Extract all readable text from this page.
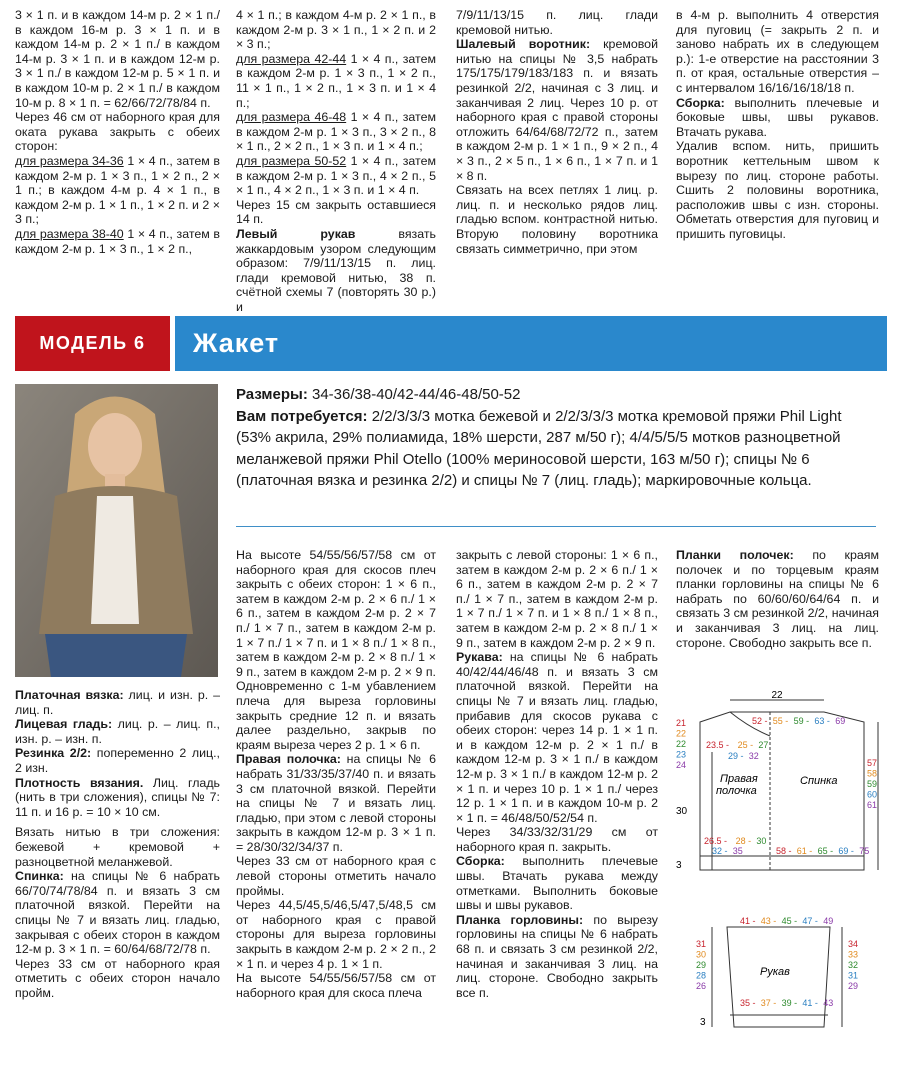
3 × 1 п. и в каждом 14-м р. 2 × 1 п./ в каждом 16-м р. 3 × 1 п. и в каждом 14-м р. 2 × 1 п./ в каждом 14-м р. 3 × 1 п. и в каждом 12-м р. 3 × 1 п./ в каждом 12-м р. 5 × 1 п. и в каждом 10-м р. 2 × 1 п./ в каждом 10-м р. 8 × 1 п. = 62/66/72/78/84 п.

Через 46 см от наборного края для оката рукава закрыть с обеих сторон:

для размера 34-36 1 × 4 п., затем в каждом 2-м р. 1 × 3 п., 1 × 2 п., 2 × 1 п.; в каждом 4-м р. 4 × 1 п., в каждом 2-м р. 1 × 1 п., 1 × 2 п. и 2 × 3 п.;

для размера 38-40 1 × 4 п., затем в каждом 2-м р. 1 × 3 п., 1 × 2 п.,

4 × 1 п.; в каждом 4-м р. 2 × 1 п., в каждом 2-м р. 3 × 1 п., 1 × 2 п. и 2 × 3 п.;

для размера 42-44 1 × 4 п., затем в каждом 2-м р. 1 × 3 п., 1 × 2 п., 11 × 1 п., 1 × 2 п., 1 × 3 п. и 1 × 4 п.;

для размера 46-48 1 × 4 п., затем в каждом 2-м р. 1 × 3 п., 3 × 2 п., 8 × 1 п., 2 × 2 п., 1 × 3 п. и 1 × 4 п.;

для размера 50-52 1 × 4 п., затем в каждом 2-м р. 1 × 3 п., 4 × 2 п., 5 × 1 п., 4 × 2 п., 1 × 3 п. и 1 × 4 п.

Через 15 см закрыть оставшиеся 14 п.

Левый рукав вязать жаккардовым узором следующим образом: 7/9/11/13/15 п. лиц. глади кремовой нитью, 38 п. счётной схемы 7 (повторять 30 р.) и

7/9/11/13/15 п. лиц. глади кремовой нитью.

Шалевый воротник: кремовой нитью на спицы № 3,5 набрать 175/175/179/183/183 п. и вязать резинкой 2/2, начиная с 3 лиц. и заканчивая 2 лиц. Через 10 р. от наборного края с правой стороны отложить 64/64/68/72/72 п., затем в каждом 2-м р. 1 × 1 п., 9 × 2 п., 4 × 3 п., 2 × 5 п., 1 × 6 п., 1 × 7 п. и 1 × 8 п.

Связать на всех петлях 1 лиц. р. лиц. п. и несколько рядов лиц. гладью вспом. контрастной нитью. Вторую половину воротника связать симметрично, при этом

в 4-м р. выполнить 4 отверстия для пуговиц (= закрыть 2 п. и заново набрать их в следующем р.): 1-е отверстие на расстоянии 3 п. от края, остальные отверстия – с интервалом 16/16/16/18/18 п.

Сборка: выполнить плечевые и боковые швы, швы рукавов. Втачать рукава.

Удалив вспом. нить, пришить воротник кеттельным швом к вырезу по лиц. стороне работы. Сшить 2 половины воротника, расположив швы с изн. стороны. Обметать отверстия для пуговиц и пришить пуговицы.

МОДЕЛЬ 6	Жакет

Размеры: 34-36/38-40/42-44/46-48/50-52

Вам потребуется: 2/2/3/3/3 мотка бежевой и 2/2/3/3/3 мотка кремовой пряжи Phil Light (53% акрила, 29% полиамида, 18% шерсти, 287 м/50 г); 4/4/5/5/5 мотков разноцветной меланжевой пряжи Phil Otello (100% мериносовой шерсти, 163 м/50 г); спицы № 6 (платочная вязка и резинка 2/2) и спицы № 7 (лиц. гладь); маркировочные кольца.

Платочная вязка: лиц. и изн. р. – лиц. п.

Лицевая гладь: лиц. р. – лиц. п., изн. р. – изн. п.

Резинка 2/2: попеременно 2 лиц., 2 изн.

Плотность вязания. Лиц. гладь (нить в три сложения), спицы № 7: 11 п. и 16 р. = 10 × 10 см.

Вязать нитью в три сложения: бежевой + кремовой + разноцветной меланжевой.

Спинка: на спицы № 6 набрать 66/70/74/78/84 п. и вязать 3 см платочной вязкой. Перейти на спицы № 7 и вязать лиц. гладью, закрывая с обеих сторон в каждом 12-м р. 3 × 1 п. = 60/64/68/72/78 п.

Через 33 см от наборного края отметить с обеих сторон начало пройм.

На высоте 54/55/56/57/58 см от наборного края для скосов плеч закрыть с обеих сторон: 1 × 6 п., затем в каждом 2-м р. 2 × 6 п./ 1 × 6 п., затем в каждом 2-м р. 2 × 7 п./ 1 × 7 п., затем в каждом 2-м р. 1 × 7 п./ 1 × 7 п. и 1 × 8 п./ 1 × 8 п., затем в каждом 2-м р. 2 × 8 п./ 1 × 9 п., затем в каждом 2-м р. 2 × 9 п. Одновременно с 1-м убавлением плеча для выреза горловины закрыть средние 12 п. и вязать далее раздельно, закрыв по краям выреза через 2 р. 1 × 6 п.

Правая полочка: на спицы № 6 набрать 31/33/35/37/40 п. и вязать 3 см платочной вязкой. Перейти на спицы № 7 и вязать лиц. гладью, при этом с левой стороны закрыть в каждом 12-м р. 3 × 1 п. = 28/30/32/34/37 п.

Через 33 см от наборного края с левой стороны отметить начало проймы.

Через 44,5/45,5/46,5/47,5/48,5 см от наборного края с правой стороны для выреза горловины закрыть в каждом 2-м р. 2 × 2 п., 2 × 1 п. и через 4 р. 1 × 1 п.

На высоте 54/55/56/57/58 см от наборного края для скоса плеча

закрыть с левой стороны: 1 × 6 п., затем в каждом 2-м р. 2 × 6 п./ 1 × 6 п., затем в каждом 2-м р. 2 × 7 п./ 1 × 7 п., затем в каждом 2-м р. 1 × 7 п./ 1 × 7 п. и 1 × 8 п./ 1 × 8 п., затем в каждом 2-м р. 2 × 8 п./ 1 × 9 п., затем в каждом 2-м р. 2 × 9 п.

Рукава: на спицы № 6 набрать 40/42/44/46/48 п. и вязать 3 см платочной вязкой. Перейти на спицы № 7 и вязать лиц. гладью, прибавив для скосов рукава с обеих сторон: через 14 р. 1 × 1 п. и в каждом 12-м р. 2 × 1 п./ в каждом 12-м р. 3 × 1 п./ в каждом 12-м р. 3 × 1 п./ в каждом 12-м р. 2 × 1 п. и через 10 р. 1 × 1 п./ через 12 р. 1 × 1 п. и в каждом 10-м р. 2 × 1 п. = 46/48/50/52/54 п.

Через 34/33/32/31/29 см от наборного края п. закрыть.

Сборка: выполнить плечевые швы. Втачать рукава между отметками. Выполнить боковые швы и швы рукавов.

Планка горловины: по вырезу горловины на спицы № 6 набрать 68 п. и связать 3 см резинкой 2/2, начиная и заканчивая 3 лиц. на лиц. стороне. Свободно закрыть все п.

Планки полочек: по краям полочек и по торцевым краям планки горловины на спицы № 6 набрать по 60/60/60/64/64 п. и связать 3 см резинкой 2/2, начиная и заканчивая 3 лиц. на лиц. стороне. Свободно закрыть все п.

22
30
3
Правая
полочка
Спинка
52 - 55 - 59 - 63 - 69
23.5 - 25 - 27
29 - 32
26.5 - 28 - 30
32 - 35	58 - 61 - 65 - 69 - 75
21
22
22
23
24	57
58
59
60
61
Рукав
3
41 - 43 - 45 - 47 - 49
35 - 37 - 39 - 41 - 43
31
30
29
28
26
34
33
32
31
29
